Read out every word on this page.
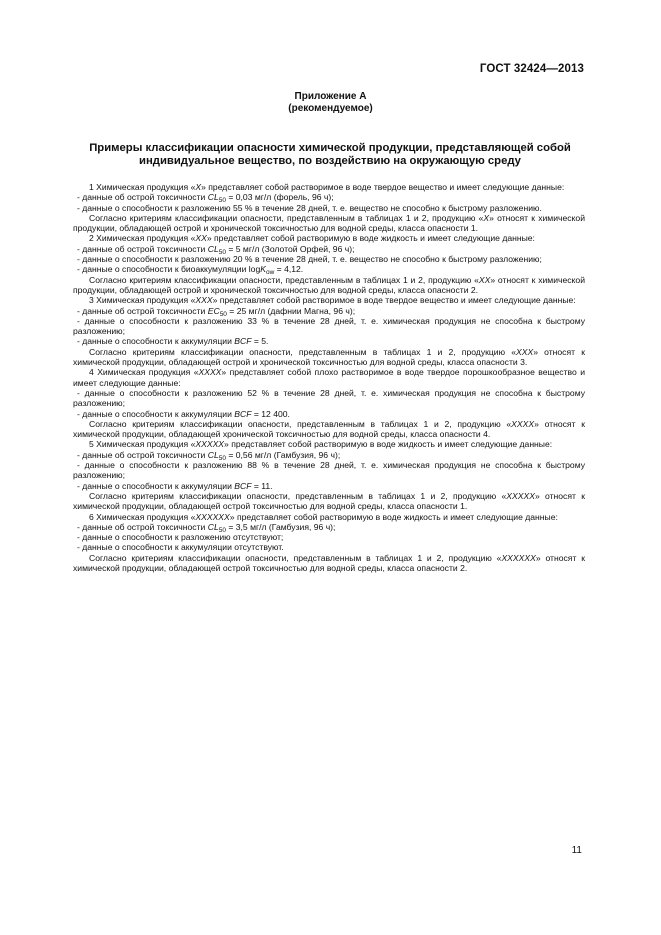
ГОСТ 32424—2013
Приложение А
(рекомендуемое)
Примеры классификации опасности химической продукции, представляющей собой
индивидуальное вещество, по воздействию на окружающую среду

1 Химическая продукция «X» представляет собой растворимое в воде твердое вещество и имеет следующие данные:

- данные об острой токсичности $CL_{50} = 0,03$ мг/л (форель, 96 ч);

- данные о способности к разложению 55 % в течение 28 дней, т. е. вещество не способно к быстрому разложению.

Согласно критериям классификации опасности, представленным в таблицах 1 и 2, продукцию «X» относят к химической продукции, обладающей острой и хронической токсичностью для водной среды, класса опасности 1.

2 Химическая продукция «XX» представляет собой растворимую в воде жидкость и имеет следующие данные:

- данные об острой токсичности $CL_{50} = 5$ мг/л (Золотой Орфей, 96 ч);

- данные о способности к разложению 20 % в течение 28 дней, т. е. вещество не способно к быстрому разложению;

- данные о способности к биоаккумуляции logK$_{ow}$ = 4,12.

Согласно критериям классификации опасности, представленным в таблицах 1 и 2, продукцию «XX» относят к химической продукции, обладающей острой и хронической токсичностью для водной среды, класса опасности 2.

3 Химическая продукция «XXX» представляет собой растворимое в воде твердое вещество и имеет следующие данные:

- данные об острой токсичности $EC_{50} = 25$ мг/л (дафнии Магна, 96 ч);

- данные о способности к разложению 33 % в течение 28 дней, т. е. химическая продукция не способна к быстрому разложению;

- данные о способности к аккумуляции BCF = 5.

Согласно критериям классификации опасности, представленным в таблицах 1 и 2, продукцию «XXX» относят к химической продукции, обладающей острой и хронической токсичностью для водной среды, класса опасности 3.

4 Химическая продукция «XXXX» представляет собой плохо растворимое в воде твердое порошкообразное вещество и имеет следующие данные:

- данные о способности к разложению 52 % в течение 28 дней, т. е. химическая продукция не способна к быстрому разложению;

- данные о способности к аккумуляции BCF = 12 400.

Согласно критериям классификации опасности, представленным в таблицах 1 и 2, продукцию «XXXX» относят к химической продукции, обладающей хронической токсичностью для водной среды, класса опасности 4.

5 Химическая продукция «XXXXX» представляет собой растворимую в воде жидкость и имеет следующие данные:

- данные об острой токсичности $CL_{50} = 0,56$ мг/л (Гамбузия, 96 ч);

- данные о способности к разложению 88 % в течение 28 дней, т. е. химическая продукция не способна к быстрому разложению;

- данные о способности к аккумуляции BCF = 11.

Согласно критериям классификации опасности, представленным в таблицах 1 и 2, продукцию «XXXXX» относят к химической продукции, обладающей острой токсичностью для водной среды, класса опасности 1.

6 Химическая продукция «XXXXXX» представляет собой растворимую в воде жидкость и имеет следующие данные:

- данные об острой токсичности $CL_{50} = 3,5$ мг/л (Гамбузия, 96 ч);

- данные о способности к разложению отсутствуют;

- данные о способности к аккумуляции отсутствуют.

Согласно критериям классификации опасности, представленным в таблицах 1 и 2, продукцию «XXXXXX» относят к химической продукции, обладающей острой токсичностью для водной среды, класса опасности 2.

11
